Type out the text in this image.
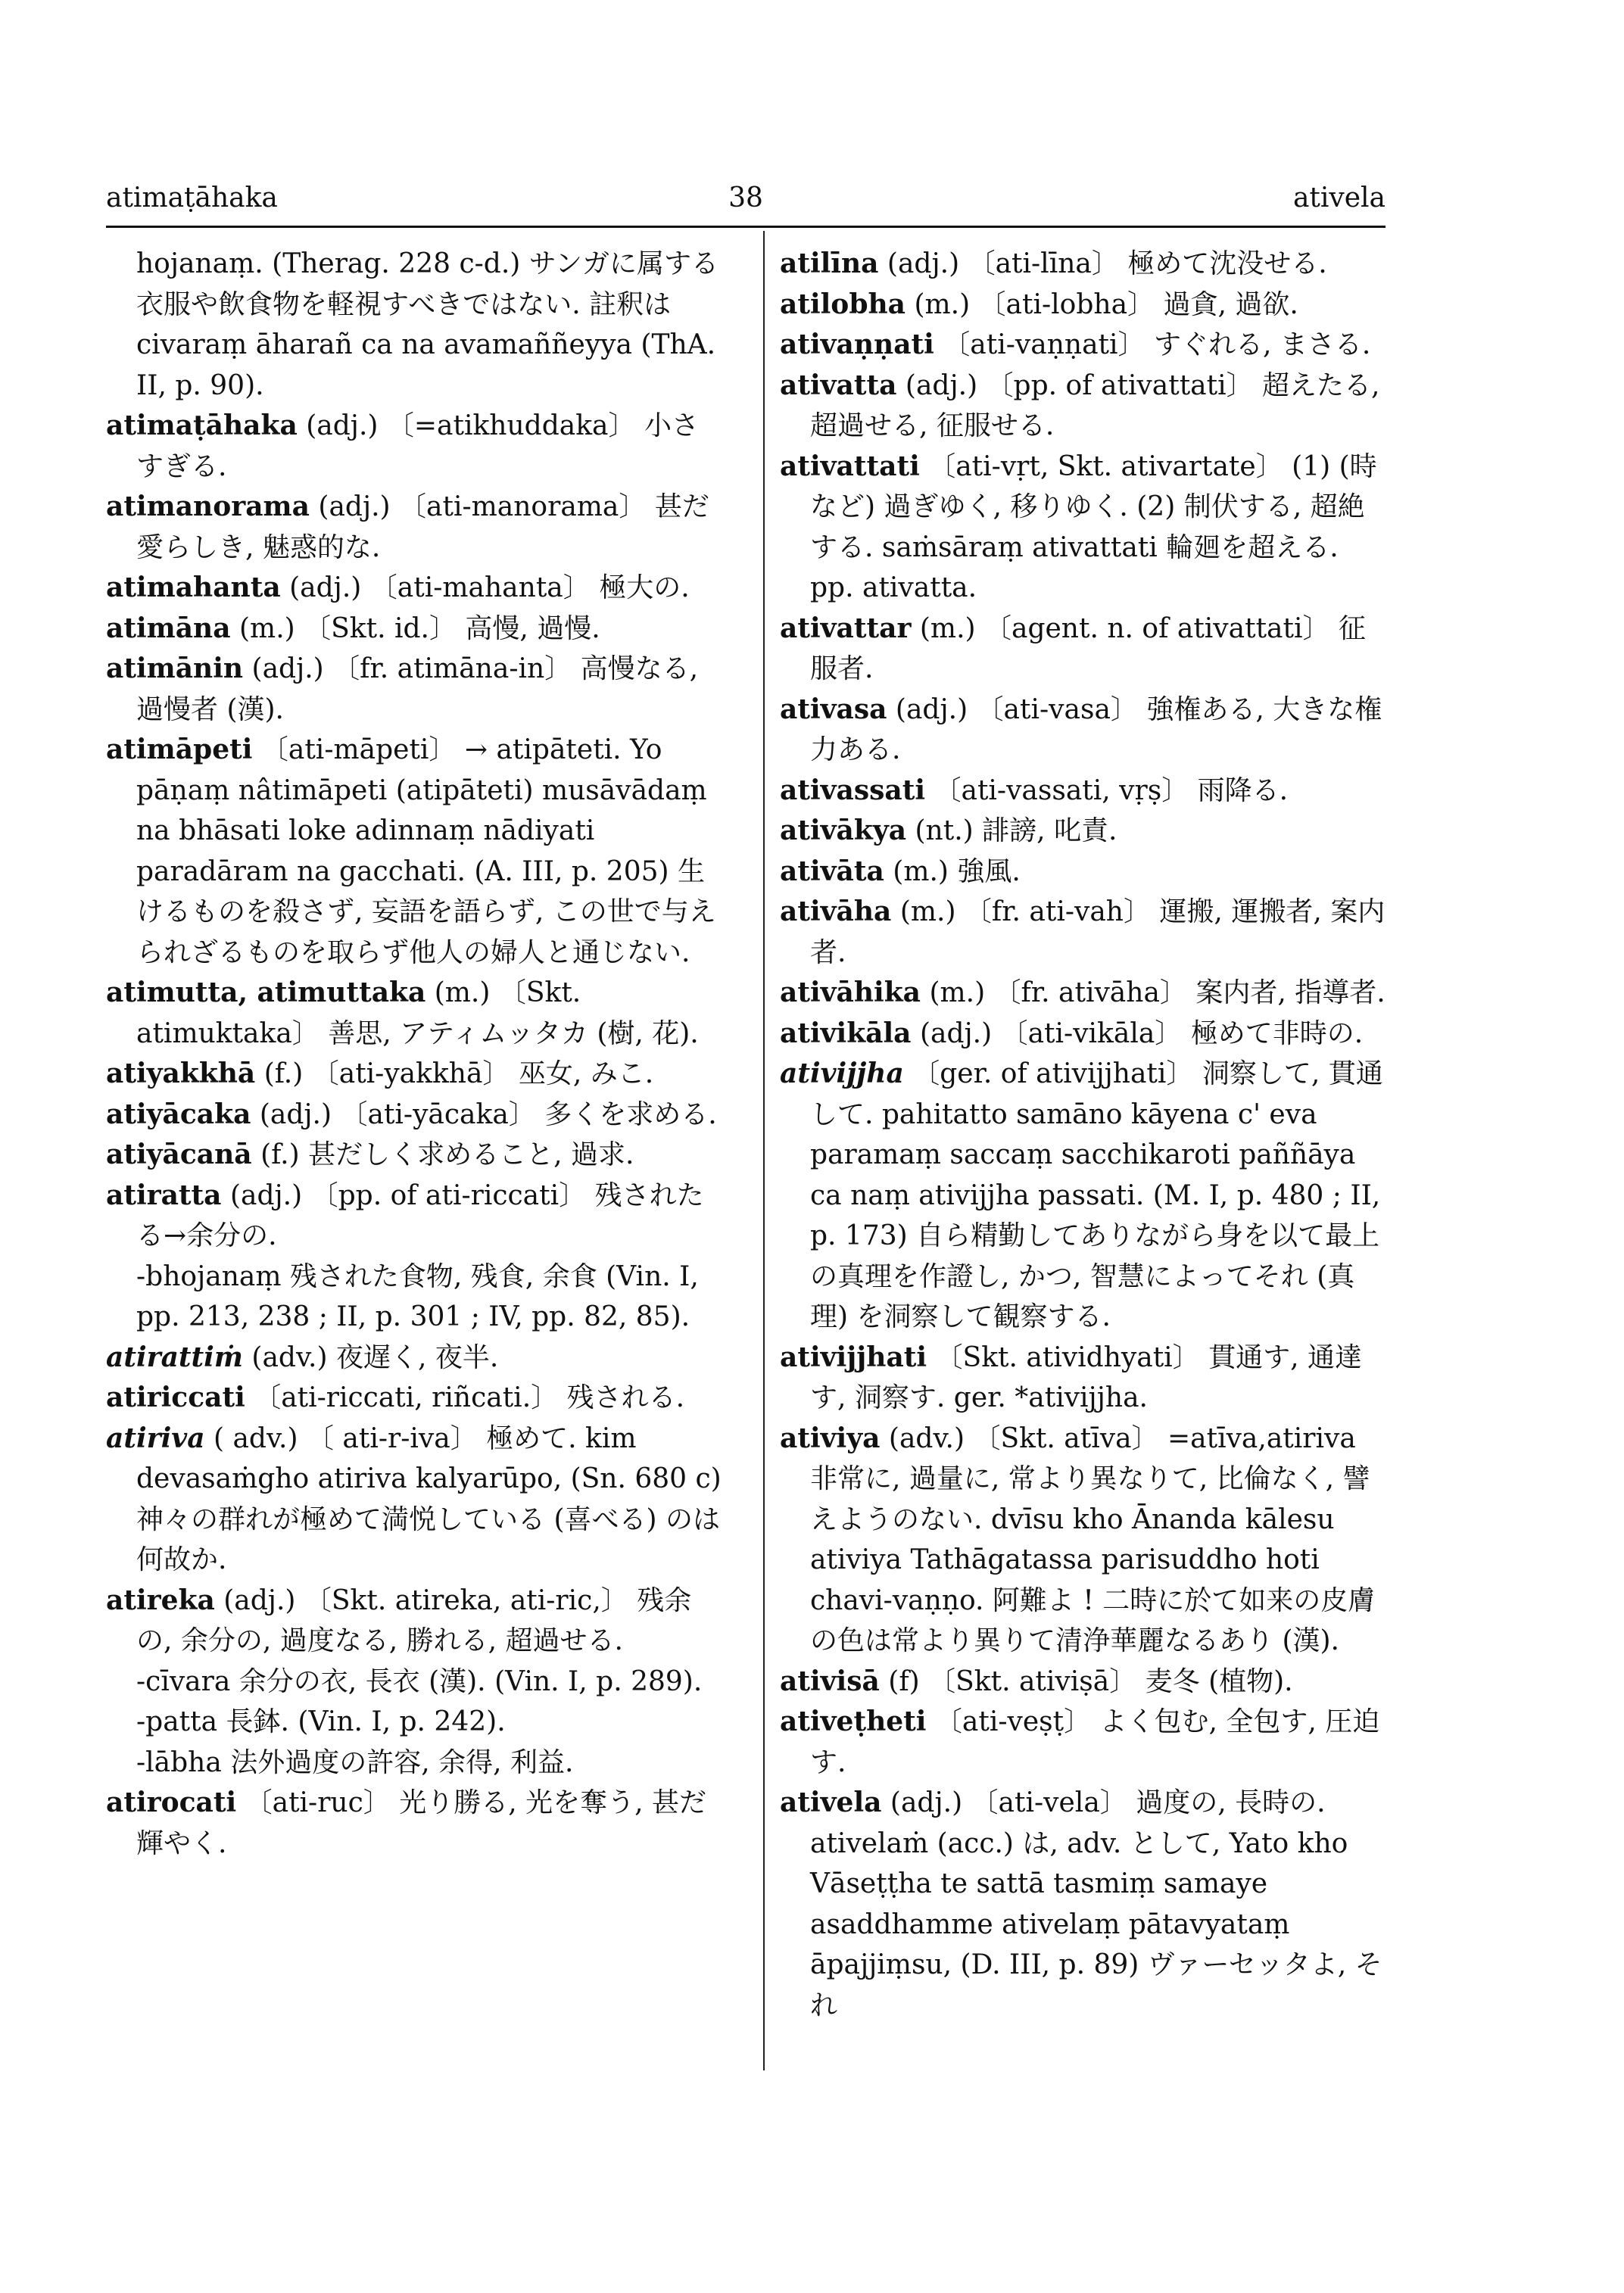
atimaṭāhaka	38	ativela
hojanaṃ. (Therag. 228 c-d.) サンガに属する衣服や飲食物を軽視すべきではない. 註釈は civaraṃ āharañ ca na avamaññeyya (ThA. II, p. 90).
atimaṭāhaka (adj.) 〔=atikhuddaka〕 小さすぎる.
atimanorama (adj.) 〔ati-manorama〕 甚だ愛らしき, 魅惑的な.
atimahanta (adj.) 〔ati-mahanta〕 極大の.
atimāna (m.) 〔Skt. id.〕 高慢, 過慢.
atimānin (adj.) 〔fr. atimāna-in〕 高慢なる, 過慢者 (漢).
atimāpeti 〔ati-māpeti〕 → atipāteti. Yo pāṇaṃ nâtimāpeti (atipāteti) musāvādaṃ na bhāsati loke adinnaṃ nādiyati paradāram na gacchati. (A. III, p. 205) 生けるものを殺さず, 妄語を語らず, この世で与えられざるものを取らず他人の婦人と通じない.
atimutta, atimuttaka (m.) 〔Skt. atimuktaka〕 善思, アティムッタカ (樹, 花).
atiyakkhā (f.) 〔ati-yakkhā〕 巫女, みこ.
atiyācaka (adj.) 〔ati-yācaka〕 多くを求める.
atiyācanā (f.) 甚だしく求めること, 過求.
atiratta (adj.) 〔pp. of ati-riccati〕 残されたる→余分の.
-bhojanaṃ 残された食物, 残食, 余食 (Vin. I, pp. 213, 238 ; II, p. 301 ; IV, pp. 82, 85).
atirattiṁ (adv.) 夜遅く, 夜半.
atiriccati 〔ati-riccati, riñcati.〕 残される.
atiriva ( adv.) 〔 ati-r-iva〕 極めて. kim devasaṁgho atiriva kalyarūpo, (Sn. 680 c) 神々の群れが極めて満悦している (喜べる) のは何故か.
atireka (adj.) 〔Skt. atireka, ati-ric,〕 残余の, 余分の, 過度なる, 勝れる, 超過せる.
-cīvara 余分の衣, 長衣 (漢). (Vin. I, p. 289).
-patta 長鉢. (Vin. I, p. 242).
-lābha 法外過度の許容, 余得, 利益.
atirocati 〔ati-ruc〕 光り勝る, 光を奪う, 甚だ輝やく.
atilīna (adj.) 〔ati-līna〕 極めて沈没せる.
atilobha (m.) 〔ati-lobha〕 過貪, 過欲.
ativaṇṇati 〔ati-vaṇṇati〕 すぐれる, まさる.
ativatta (adj.) 〔pp. of ativattati〕 超えたる, 超過せる, 征服せる.
ativattati 〔ati-vṛt, Skt. ativartate〕 (1) (時など) 過ぎゆく, 移りゆく. (2) 制伏する, 超絶する. saṁsāraṃ ativattati 輪廻を超える. pp. ativatta.
ativattar (m.) 〔agent. n. of ativattati〕 征服者.
ativasa (adj.) 〔ati-vasa〕 強権ある, 大きな権力ある.
ativassati 〔ati-vassati, vṛṣ〕 雨降る.
ativākya (nt.) 誹謗, 叱責.
ativāta (m.) 強風.
ativāha (m.) 〔fr. ati-vah〕 運搬, 運搬者, 案内者.
ativāhika (m.) 〔fr. ativāha〕 案内者, 指導者.
ativikāla (adj.) 〔ati-vikāla〕 極めて非時の.
ativijjha 〔ger. of ativijjhati〕 洞察して, 貫通して. pahitatto samāno kāyena c' eva paramaṃ saccaṃ sacchikaroti paññāya ca naṃ ativijjha passati. (M. I, p. 480 ; II, p. 173) 自ら精勤してありながら身を以て最上の真理を作證し, かつ, 智慧によってそれ (真理) を洞察して観察する.
ativijjhati 〔Skt. atividhyati〕 貫通す, 通達す, 洞察す. ger. *ativijjha.
ativiya (adv.) 〔Skt. atīva〕 =atīva,atiriva 非常に, 過量に, 常より異なりて, 比倫なく, 譬えようのない. dvīsu kho Ānanda kālesu ativiya Tathāgatassa parisuddho hoti chavi-vaṇṇo. 阿難よ ! 二時に於て如来の皮膚の色は常より異りて清浄華麗なるあり (漢).
ativisā (f) 〔Skt. ativiṣā〕 麦冬 (植物).
ativeṭheti 〔ati-veṣṭ〕 よく包む, 全包す, 圧迫す.
ativela (adj.) 〔ati-vela〕 過度の, 長時の. ativelaṁ (acc.) は, adv. として, Yato kho Vāseṭṭha te sattā tasmiṃ samaye asaddhamme ativelaṃ pātavyataṃ āpajjiṃsu, (D. III, p. 89) ヴァーセッタよ, それ
